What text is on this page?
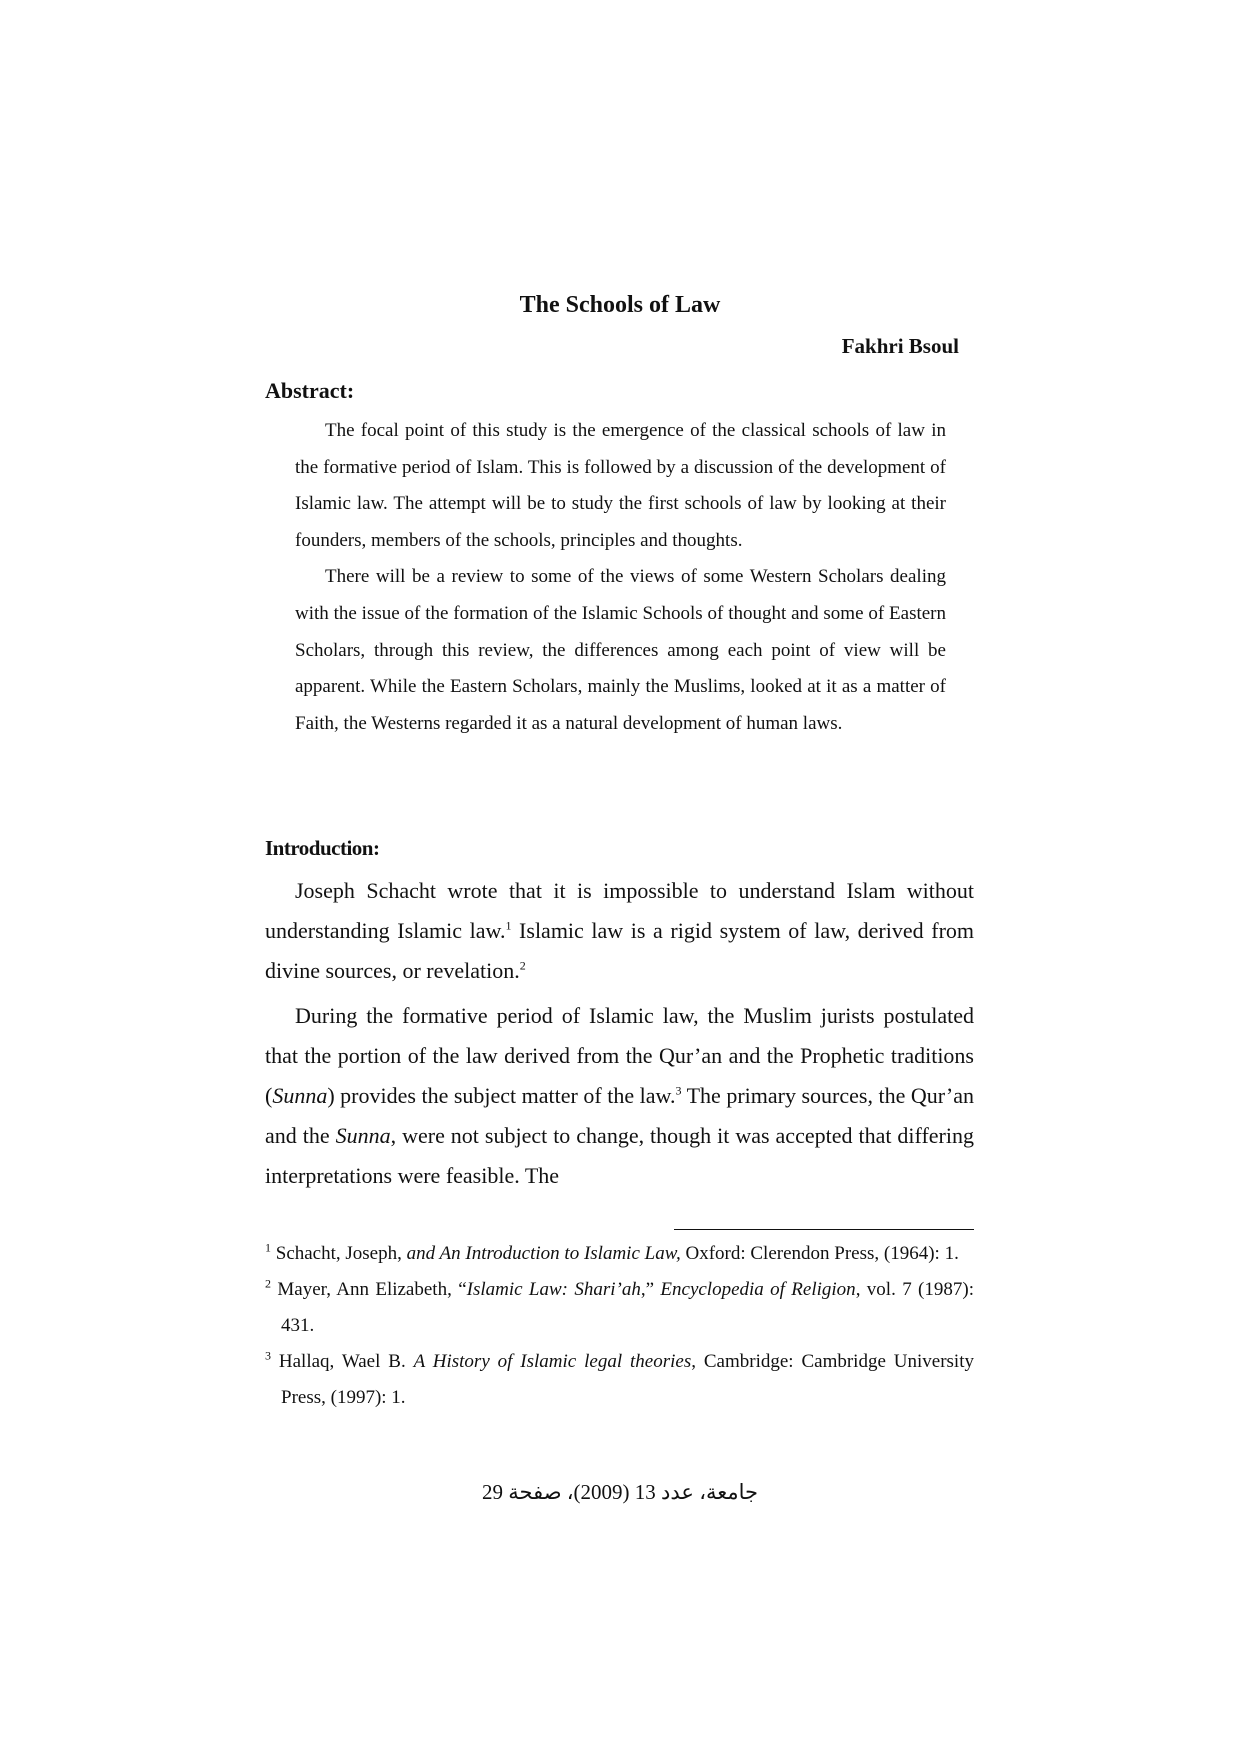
The Schools of Law
Fakhri Bsoul
Abstract:

The focal point of this study is the emergence of the classical schools of law in the formative period of Islam. This is followed by a discussion of the development of Islamic law. The attempt will be to study the first schools of law by looking at their founders, members of the schools, principles and thoughts.

There will be a review to some of the views of some Western Scholars dealing with the issue of the formation of the Islamic Schools of thought and some of Eastern Scholars, through this review, the differences among each point of view will be apparent. While the Eastern Scholars, mainly the Muslims, looked at it as a matter of Faith, the Westerns regarded it as a natural development of human laws.

Introduction:

Joseph Schacht wrote that it is impossible to understand Islam without understanding Islamic law.$^1$ Islamic law is a rigid system of law, derived from divine sources, or revelation.$^2$

During the formative period of Islamic law, the Muslim jurists postulated that the portion of the law derived from the Qur’an and the Prophetic traditions (Sunna) provides the subject matter of the law.$^3$ The primary sources, the Qur’an and the Sunna, were not subject to change, though it was accepted that differing interpretations were feasible. The

$^1$ Schacht, Joseph, and An Introduction to Islamic Law, Oxford: Clerendon Press, (1964): 1.

$^2$ Mayer, Ann Elizabeth, “Islamic Law: Shari’ah,” Encyclopedia of Religion, vol. 7 (1987): 431.

$^3$ Hallaq, Wael B. A History of Islamic legal theories, Cambridge: Cambridge University Press, (1997): 1.

جامعة، عدد 13 (2009)، صفحة 29
